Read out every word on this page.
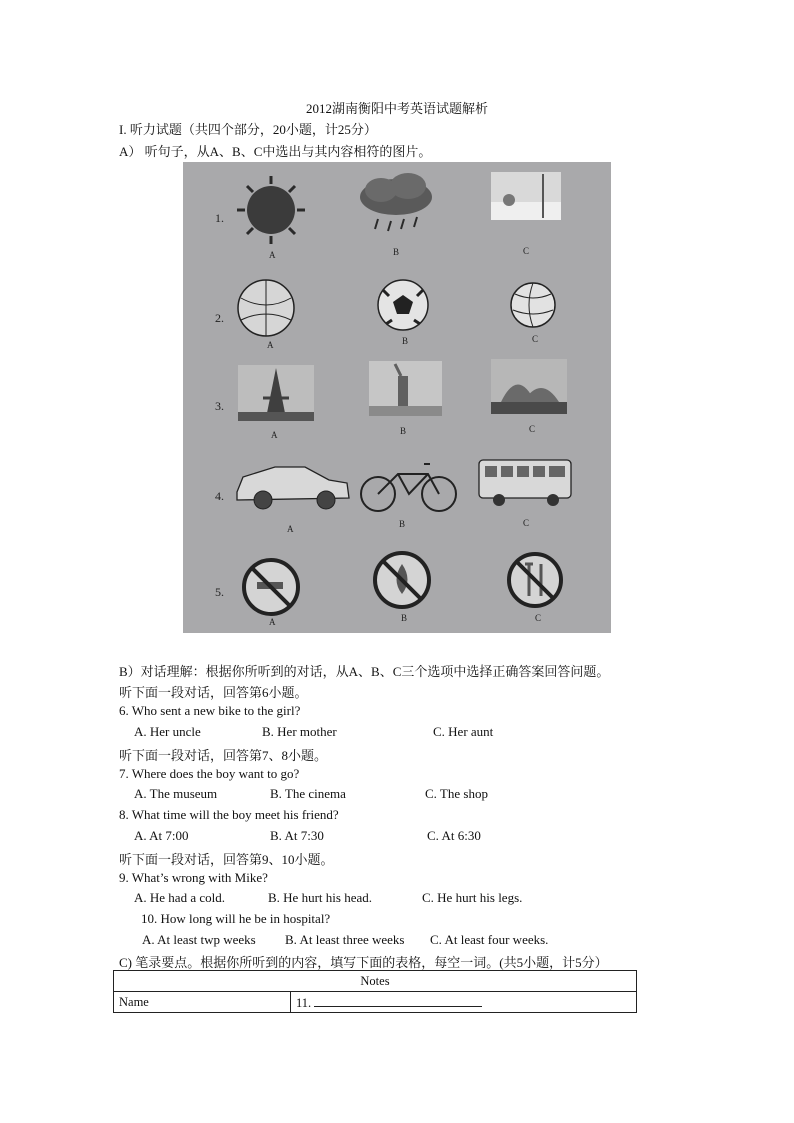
2012湖南衡阳中考英语试题解析
I. 听力试题（共四个部分，20小题，计25分）
A） 听句子，从A、B、C中选出与其内容相符的图片。
1.
2.
3.
4.
5.
A	B	C
A	B	C
A	B	C
A	B	C
A	B	C
B）对话理解：根据你所听到的对话，从A、B、C三个选项中选择正确答案回答问题。
听下面一段对话，回答第6小题。
6. Who sent a new bike to the girl?
A. Her uncle	B. Her mother	C. Her aunt
听下面一段对话，回答第7、8小题。
7. Where does the boy want to go?
A. The museum	B. The cinema	C. The shop
8. What time will the boy meet his friend?
A. At 7:00	B. At 7:30	C. At 6:30
听下面一段对话，回答第9、10小题。
9. What’s wrong with Mike?
A. He had a cold.	B. He hurt his head.	C. He hurt his legs.
10. How long will he be in hospital?
A. At least twp weeks B. At least three weeks C. At least four weeks.
C) 笔录要点。根据你所听到的内容，填写下面的表格，每空一词。(共5小题，计5分）
Notes
Name	11.
